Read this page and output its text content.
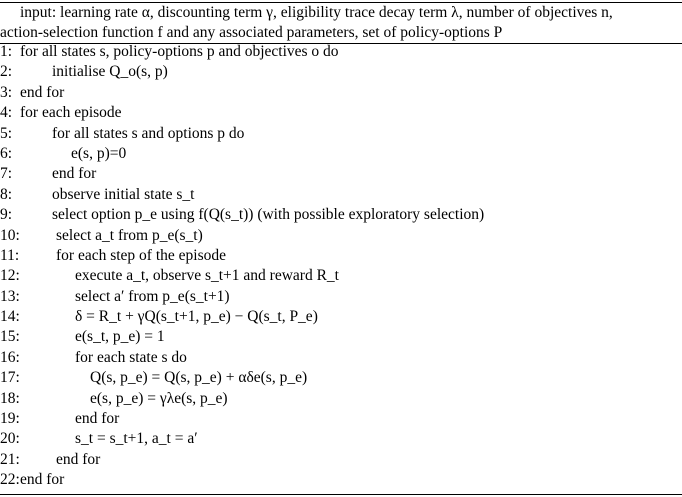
input: learning rate α, discounting term γ, eligibility trace decay term λ, number of objectives n,
action-selection function f and any associated parameters, set of policy-options P
1: for all states s, policy-options p and objectives o do
2:	initialise Q_o(s, p)
3: end for
4: for each episode
5:	for all states s and options p do
6:	e(s, p)=0
7:	end for
8:	observe initial state s_t
9:	select option p_e using f(Q(s_t)) (with possible exploratory selection)
10: select a_t from p_e(s_t)
11: for each step of the episode
12:	execute a_t, observe s_t+1 and reward R_t
13:	select a′ from p_e(s_t+1)
14:	δ = R_t + γQ(s_t+1, p_e) − Q(s_t, P_e)
15:	e(s_t, p_e) = 1
16:	for each state s do
17:	Q(s, p_e) = Q(s, p_e) + αδe(s, p_e)
18:	e(s, p_e) = γλe(s, p_e)
19:	end for
20:	s_t = s_t+1, a_t = a′
21: end for
22: end for
